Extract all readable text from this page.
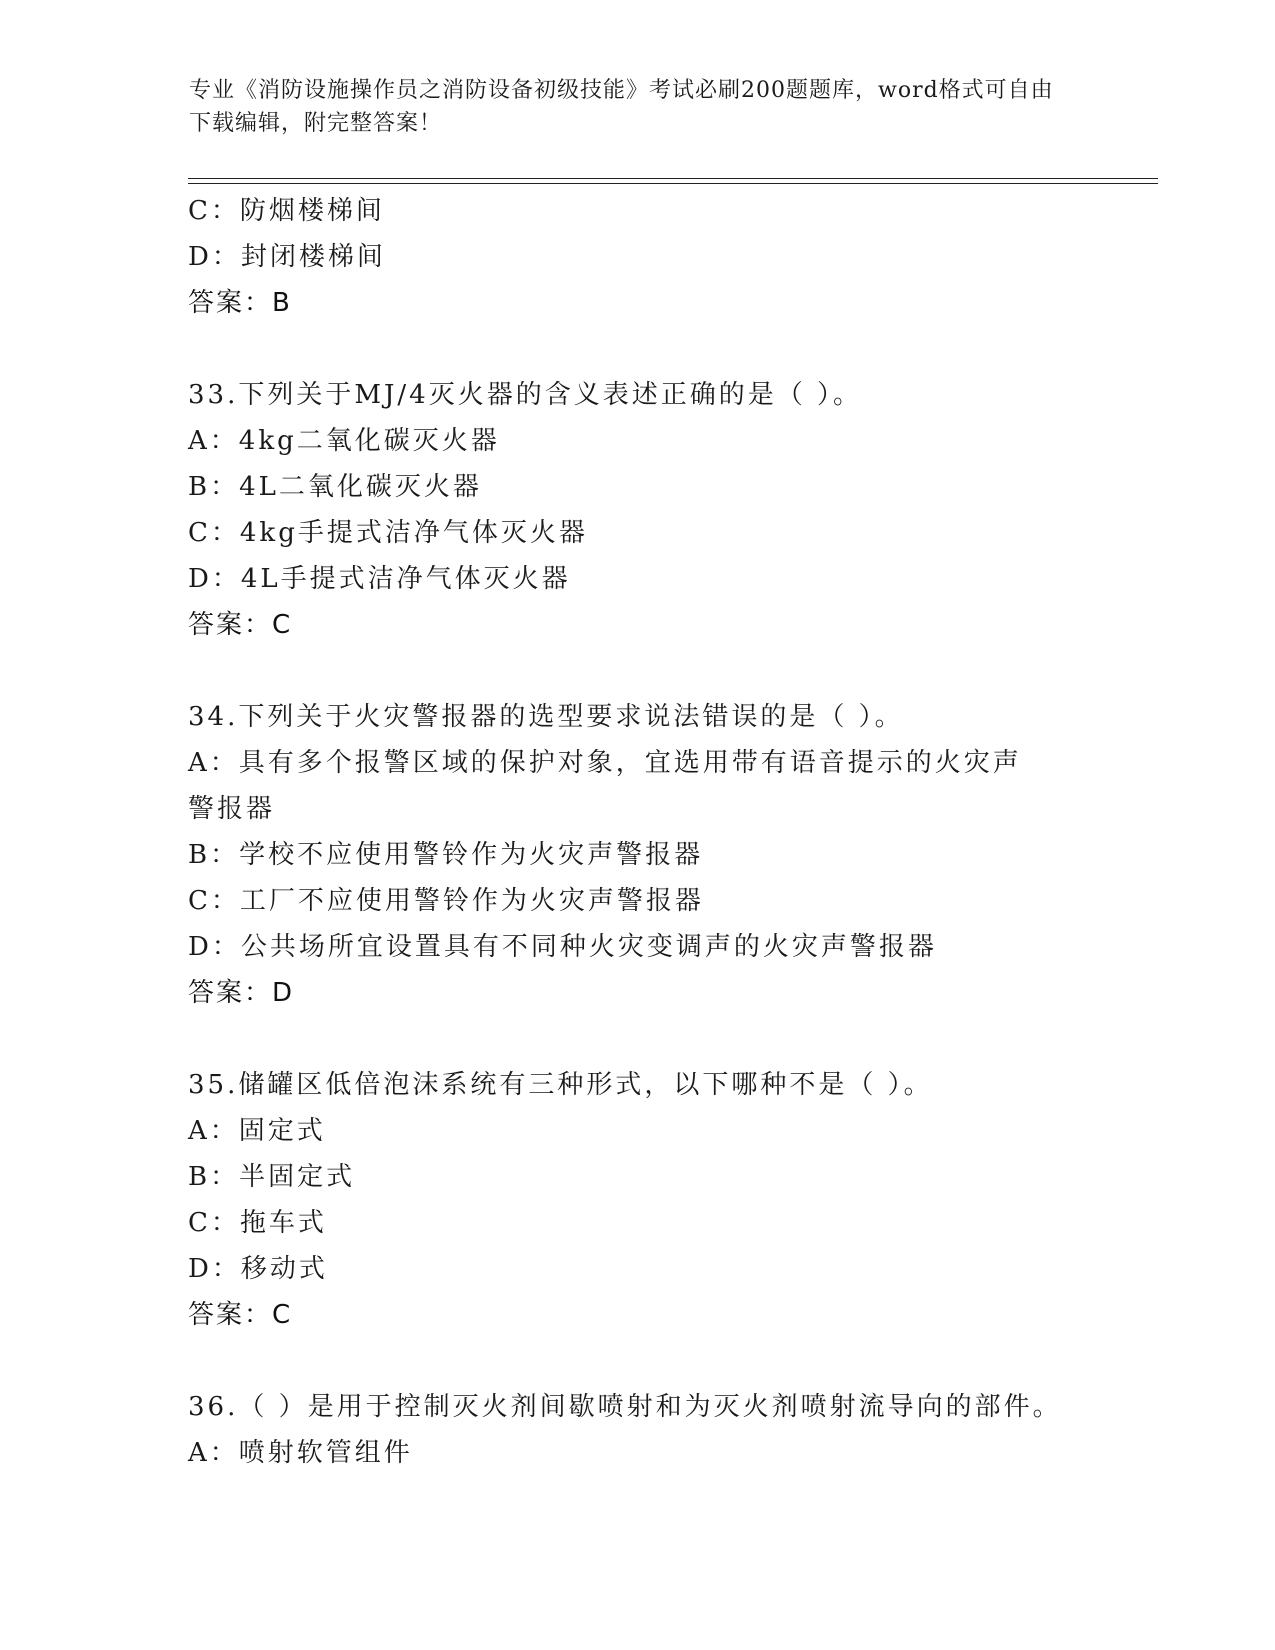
专业《消防设施操作员之消防设备初级技能》考试必刷200题题库，word格式可自由下载编辑，附完整答案！
C：防烟楼梯间
D：封闭楼梯间
答案：B
33.下列关于MJ/4灭火器的含义表述正确的是（ ）。
A：4kg二氧化碳灭火器
B：4L二氧化碳灭火器
C：4kg手提式洁净气体灭火器
D：4L手提式洁净气体灭火器
答案：C
34.下列关于火灾警报器的选型要求说法错误的是（ ）。
A：具有多个报警区域的保护对象，宜选用带有语音提示的火灾声警报器
B：学校不应使用警铃作为火灾声警报器
C：工厂不应使用警铃作为火灾声警报器
D：公共场所宜设置具有不同种火灾变调声的火灾声警报器
答案：D
35.储罐区低倍泡沫系统有三种形式，以下哪种不是（ ）。
A：固定式
B：半固定式
C：拖车式
D：移动式
答案：C
36.（ ）是用于控制灭火剂间歇喷射和为灭火剂喷射流导向的部件。
A：喷射软管组件
